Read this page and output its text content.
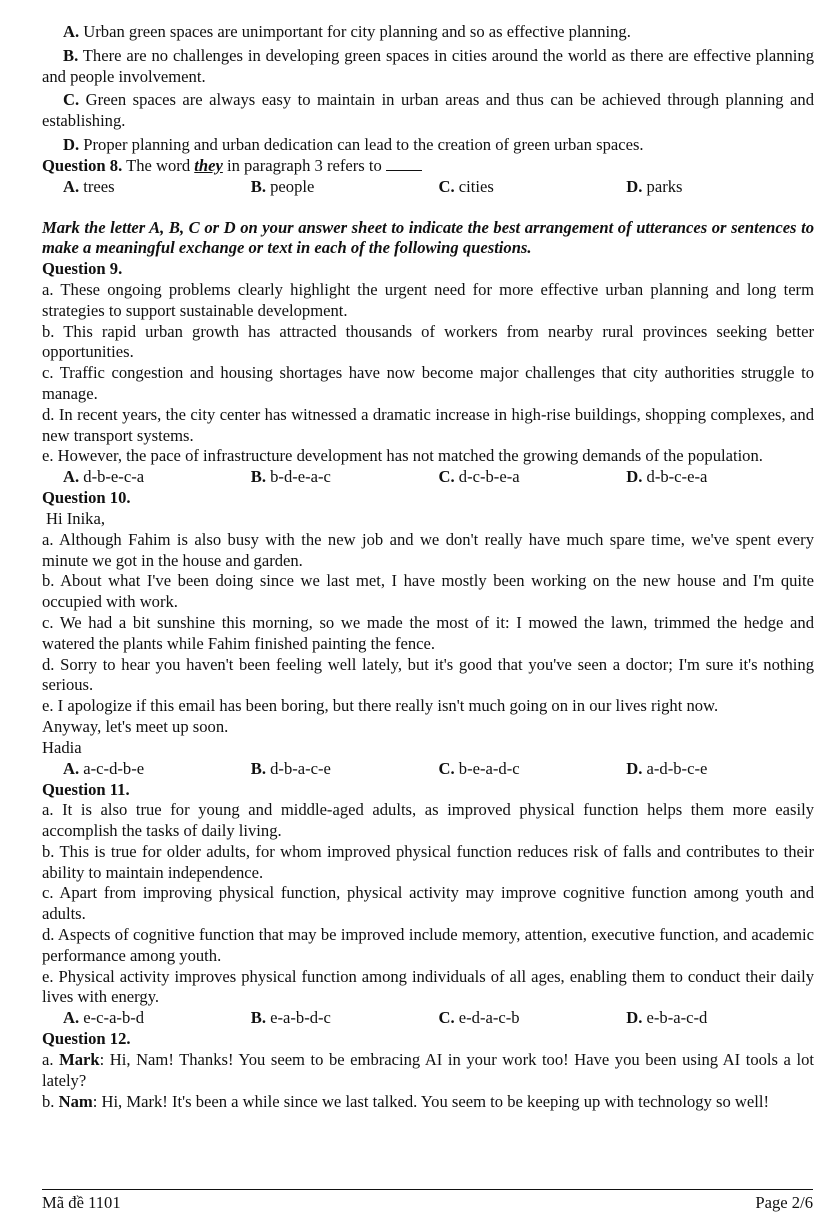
A. Urban green spaces are unimportant for city planning and so as effective planning.

B. There are no challenges in developing green spaces in cities around the world as there are effective planning and people involvement.

C. Green spaces are always easy to maintain in urban areas and thus can be achieved through planning and establishing.

D. Proper planning and urban dedication can lead to the creation of green urban spaces.

Question 8. The word they in paragraph 3 refers to

A. trees	B. people	C. cities	D. parks

Mark the letter A, B, C or D on your answer sheet to indicate the best arrangement of utterances or sentences to make a meaningful exchange or text in each of the following questions.

Question 9.

a. These ongoing problems clearly highlight the urgent need for more effective urban planning and long term strategies to support sustainable development.

b. This rapid urban growth has attracted thousands of workers from nearby rural provinces seeking better opportunities.

c. Traffic congestion and housing shortages have now become major challenges that city authorities struggle to manage.

d. In recent years, the city center has witnessed a dramatic increase in high-rise buildings, shopping complexes, and new transport systems.

e. However, the pace of infrastructure development has not matched the growing demands of the population.

A. d-b-e-c-a	B. b-d-e-a-c	C. d-c-b-e-a	D. d-b-c-e-a

Question 10.

Hi Inika,

a. Although Fahim is also busy with the new job and we don't really have much spare time, we've spent every minute we got in the house and garden.

b. About what I've been doing since we last met, I have mostly been working on the new house and I'm quite occupied with work.

c. We had a bit sunshine this morning, so we made the most of it: I mowed the lawn, trimmed the hedge and watered the plants while Fahim finished painting the fence.

d. Sorry to hear you haven't been feeling well lately, but it's good that you've seen a doctor; I'm sure it's nothing serious.

e. I apologize if this email has been boring, but there really isn't much going on in our lives right now.

Anyway, let's meet up soon.

Hadia

A. a-c-d-b-e	B. d-b-a-c-e	C. b-e-a-d-c	D. a-d-b-c-e

Question 11.

a. It is also true for young and middle-aged adults, as improved physical function helps them more easily accomplish the tasks of daily living.

b. This is true for older adults, for whom improved physical function reduces risk of falls and contributes to their ability to maintain independence.

c. Apart from improving physical function, physical activity may improve cognitive function among youth and adults.

d. Aspects of cognitive function that may be improved include memory, attention, executive function, and academic performance among youth.

e. Physical activity improves physical function among individuals of all ages, enabling them to conduct their daily lives with energy.

A. e-c-a-b-d	B. e-a-b-d-c	C. e-d-a-c-b	D. e-b-a-c-d

Question 12.

a. Mark: Hi, Nam! Thanks! You seem to be embracing AI in your work too! Have you been using AI tools a lot lately?

b. Nam: Hi, Mark! It's been a while since we last talked. You seem to be keeping up with technology so well!

Mã đề 1101	Page 2/6
